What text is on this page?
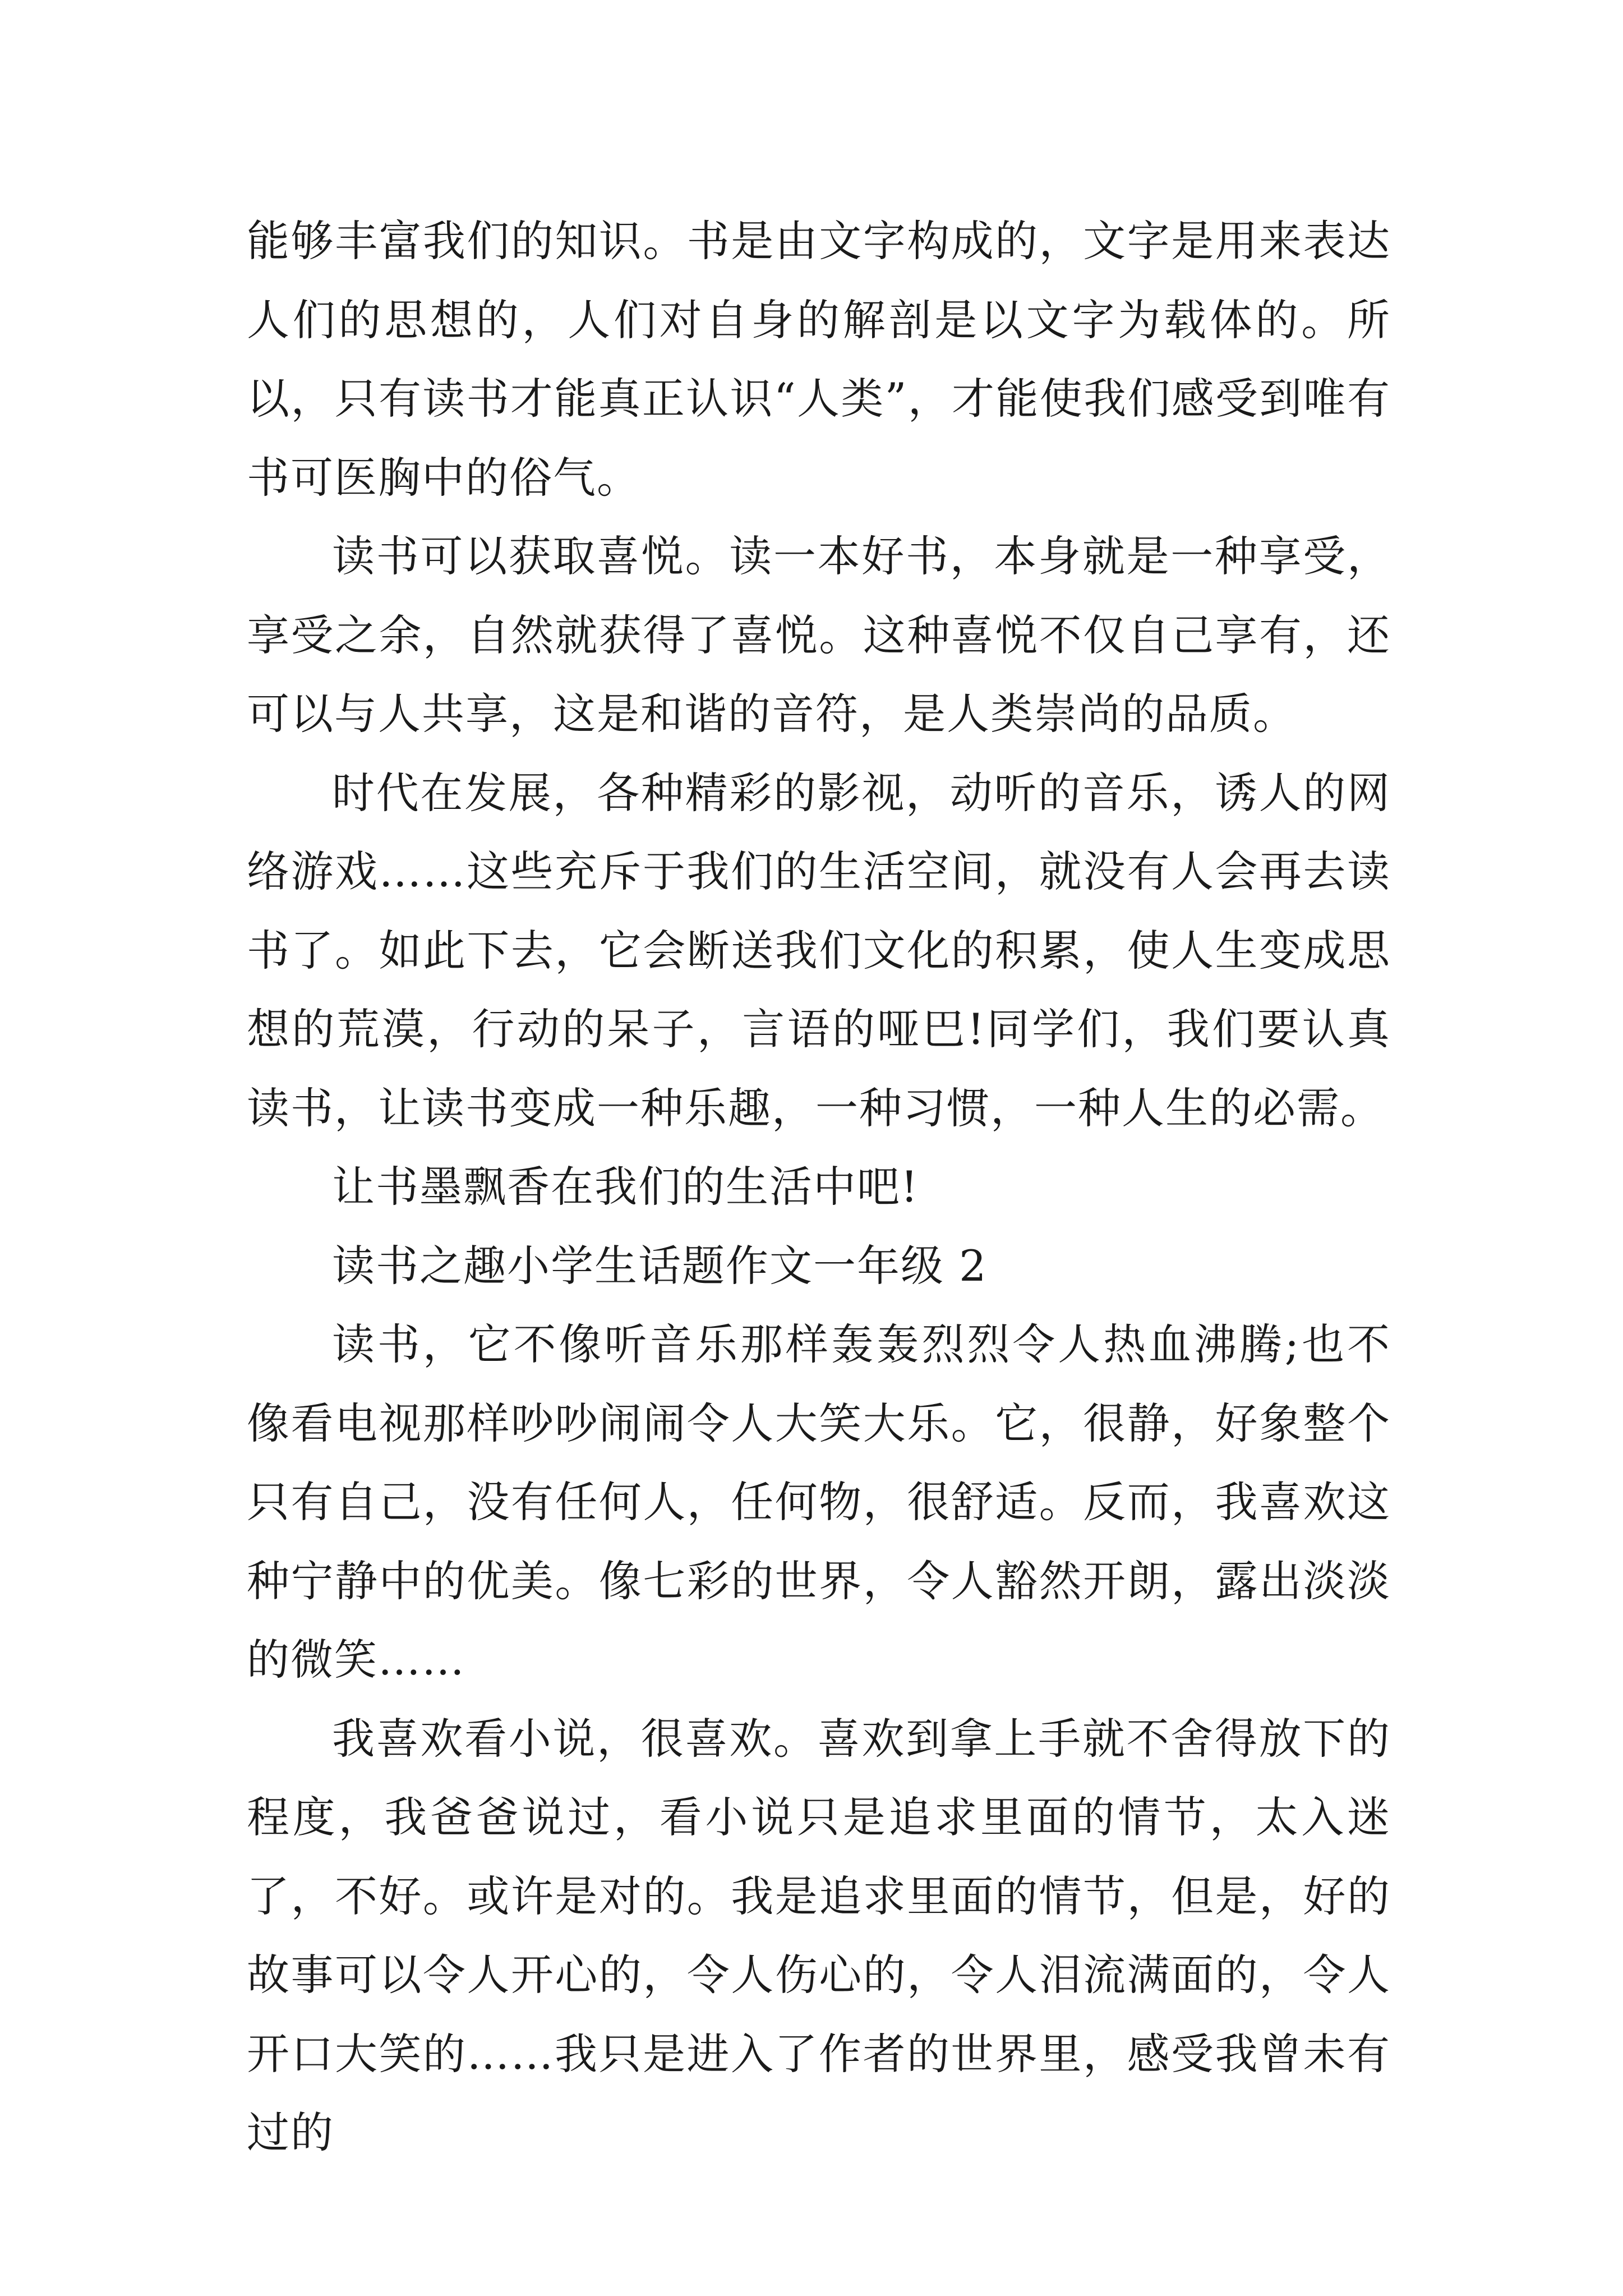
能够丰富我们的知识。书是由文字构成的，文字是用来表达人们的思想的，人们对自身的解剖是以文字为载体的。所以，只有读书才能真正认识“人类”，才能使我们感受到唯有书可医胸中的俗气。

读书可以获取喜悦。读一本好书，本身就是一种享受，享受之余，自然就获得了喜悦。这种喜悦不仅自己享有，还可以与人共享，这是和谐的音符，是人类崇尚的品质。

时代在发展，各种精彩的影视，动听的音乐，诱人的网络游戏……这些充斥于我们的生活空间，就没有人会再去读书了。如此下去，它会断送我们文化的积累，使人生变成思想的荒漠，行动的呆子，言语的哑巴!同学们，我们要认真读书，让读书变成一种乐趣，一种习惯，一种人生的必需。

让书墨飘香在我们的生活中吧!

读书之趣小学生话题作文一年级 2

读书，它不像听音乐那样轰轰烈烈令人热血沸腾;也不像看电视那样吵吵闹闹令人大笑大乐。它，很静，好象整个只有自己，没有任何人，任何物，很舒适。反而，我喜欢这种宁静中的优美。像七彩的世界，令人豁然开朗，露出淡淡的微笑……

我喜欢看小说，很喜欢。喜欢到拿上手就不舍得放下的程度，我爸爸说过，看小说只是追求里面的情节，太入迷了，不好。或许是对的。我是追求里面的情节，但是，好的故事可以令人开心的，令人伤心的，令人泪流满面的，令人开口大笑的……我只是进入了作者的世界里，感受我曾未有过的
